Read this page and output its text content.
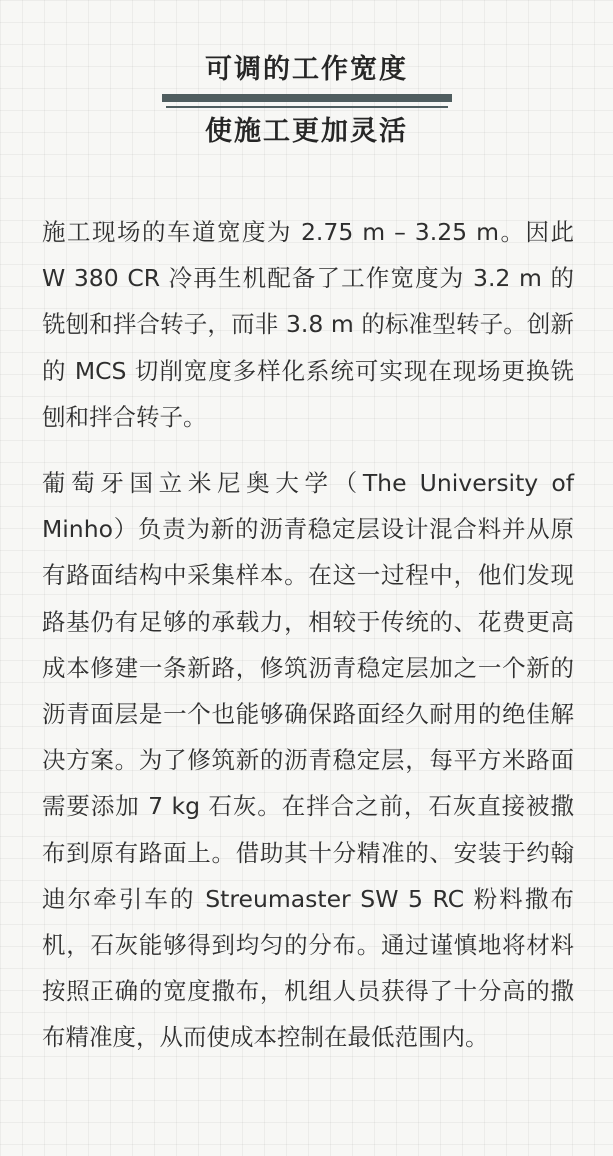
可调的工作宽度
使施工更加灵活

施工现场的车道宽度为 2.75 m – 3.25 m。因此 W 380 CR 冷再生机配备了工作宽度为 3.2 m 的铣刨和拌合转子，而非 3.8 m 的标准型转子。创新的 MCS 切削宽度多样化系统可实现在现场更换铣刨和拌合转子。

葡萄牙国立米尼奥大学（The University of Minho）负责为新的沥青稳定层设计混合料并从原有路面结构中采集样本。在这一过程中，他们发现路基仍有足够的承载力，相较于传统的、花费更高成本修建一条新路，修筑沥青稳定层加之一个新的沥青面层是一个也能够确保路面经久耐用的绝佳解决方案。为了修筑新的沥青稳定层，每平方米路面需要添加 7 kg 石灰。在拌合之前，石灰直接被撒布到原有路面上。借助其十分精准的、安装于约翰迪尔牵引车的 Streumaster SW 5 RC 粉料撒布机，石灰能够得到均匀的分布。通过谨慎地将材料按照正确的宽度撒布，机组人员获得了十分高的撒布精准度，从而使成本控制在最低范围内。
